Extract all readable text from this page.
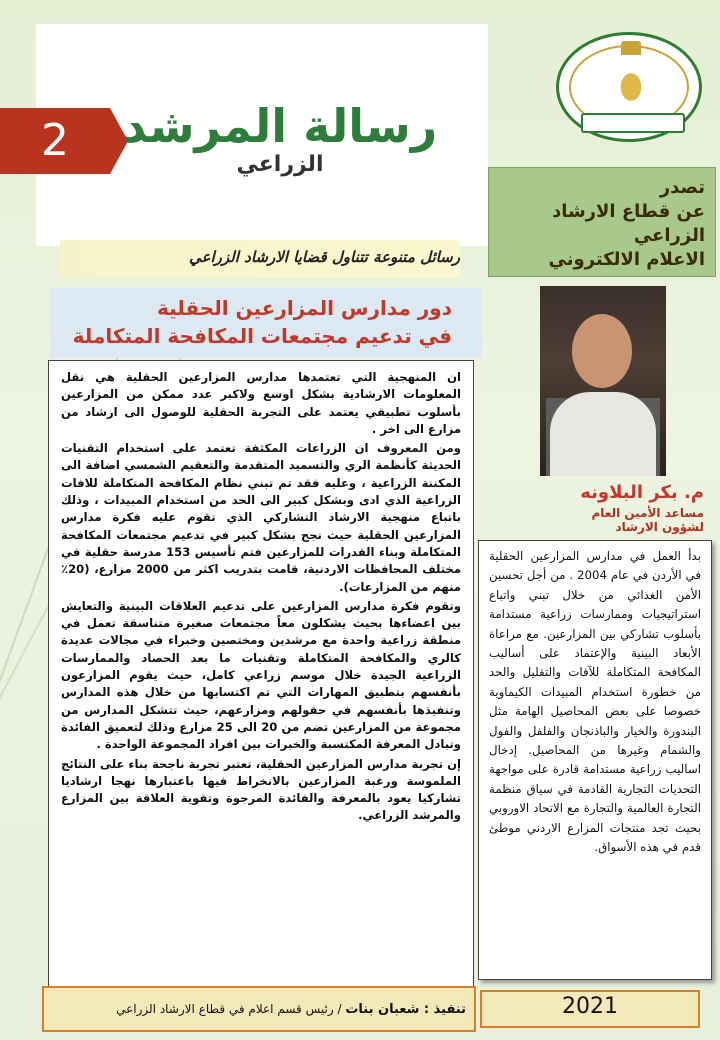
2	رسالة المرشد
الزراعي
رسائل متنوعة تتناول قضايا الارشاد الزراعي
تصدر
عن قطاع الارشاد
الزراعي
الاعلام الالكتروني
دور مدارس المزارعين الحقلية
في تدعيم مجتمعات المكافحة المتكاملة
م. بكر البلاونه
مساعد الأمين العام
لشؤون الارشاد

ان المنهجية التي تعتمدها مدارس المزارعين الحقلية هي نقل المعلومات الارشادية بشكل اوسع ولاكبر عدد ممكن من المزارعين بأسلوب تطبيقي يعتمد على التجربة الحقلية للوصول الى ارشاد من مزارع الى اخر .

ومن المعروف ان الزراعات المكثفة تعتمد على استخدام التقنيات الحديثة كأنظمة الري والتسميد المتقدمة والتعقيم الشمسي اضافة الى المكننة الزراعية ، وعليه فقد تم تبني نظام المكافحة المتكاملة للافات الزراعية الذي ادى وبشكل كبير الى الحد من استخدام المبيدات ، وذلك باتباع منهجية الارشاد التشاركي الذي تقوم عليه فكرة مدارس المزارعين الحقلية حيث نجح بشكل كبير في تدعيم مجتمعات المكافحة المتكاملة وبناء القدرات للمزارعين فتم تأسيس 153 مدرسة حقلية في مختلف المحافظات الاردنية، قامت بتدريب اكثر من 2000 مزارع، (20٪ منهم من المزارعات).

وتقوم فكرة مدارس المزارعين على تدعيم العلاقات البينية والتعايش بين اعضاءها بحيث يشكلون معاً مجتمعات صغيرة متناسقة تعمل في منطقة زراعية واحدة مع مرشدين ومختصين وخبراء في مجالات عديدة كالري والمكافحة المتكاملة وتقنيات ما بعد الحصاد والممارسات الزراعية الجيدة خلال موسم زراعي كامل، حيث يقوم المزارعون بأنفسهم بتطبيق المهارات التي تم اكتسابها من خلال هذه المدارس وتنفيذها بأنفسهم في حقولهم ومزارعهم، حيث تتشكل المدارس من مجموعة من المزارعين تضم من 20 الى 25 مزارع وذلك لتعميق الفائدة وتبادل المعرفة المكتسبة والخبرات بين افراد المجموعة الواحدة .

إن تجربة مدارس المزارعين الحقلية، تعتبر تجربة ناجحة بناء على النتائج الملموسة ورغبة المزارعين بالانخراط فيها باعتبارها نهجا ارشاديا تشاركيا يعود بالمعرفة والفائدة المرجوة وتقوية العلاقة بين المزارع والمرشد الزراعي.

بدأ العمل في مدارس المزارعين الحقلية في الأردن في عام 2004 . من أجل تحسين الأمن الغذائي من خلال تبني واتباع استراتيجيات وممارسات زراعية مستدامة بأسلوب تشاركي بين المزارعين. مع مراعاة الأبعاد البينية والإعتماد على أساليب المكافحة المتكاملة للآفات والتقليل والحد من خطورة استخدام المبيدات الكيماوية خصوصا على بعض المحاصيل الهامة مثل البندورة والخيار والباذنجان والفلفل والفول والشمام وغيرها من المحاصيل. إدخال اساليب زراعية مستدامة قادرة على مواجهة التحديات التجارية القادمة في سياق منظمة التجارة العالمية والتجارة مع الاتحاد الاوروبي بحيث تجد منتجات المزارع الاردني موطئ قدم في هذه الأسواق.

تنفيذ : شعبان بنات / رئيس قسم اعلام في قطاع الارشاد الزراعي	2021
